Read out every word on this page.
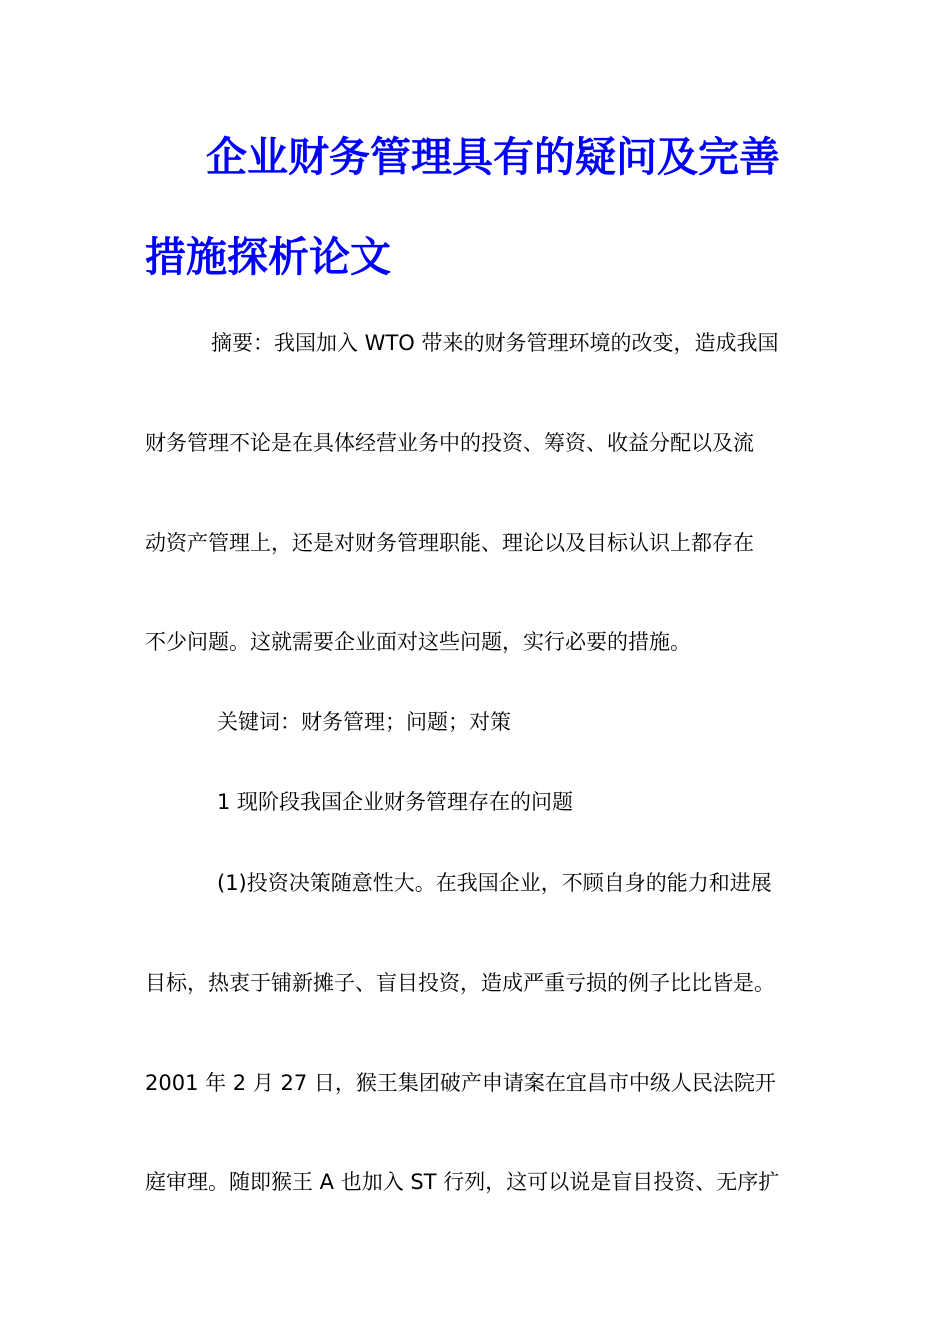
企业财务管理具有的疑问及完善
措施探析论文
摘要：我国加入 WTO 带来的财务管理环境的改变，造成我国
财务管理不论是在具体经营业务中的投资、筹资、收益分配以及流
动资产管理上，还是对财务管理职能、理论以及目标认识上都存在
不少问题。这就需要企业面对这些问题，实行必要的措施。
关键词：财务管理；问题；对策
1 现阶段我国企业财务管理存在的问题
(1)投资决策随意性大。在我国企业，不顾自身的能力和进展
目标，热衷于铺新摊子、盲目投资，造成严重亏损的例子比比皆是。
2001 年 2 月 27 日，猴王集团破产申请案在宜昌市中级人民法院开
庭审理。随即猴王 A 也加入 ST 行列，这可以说是盲目投资、无序扩
